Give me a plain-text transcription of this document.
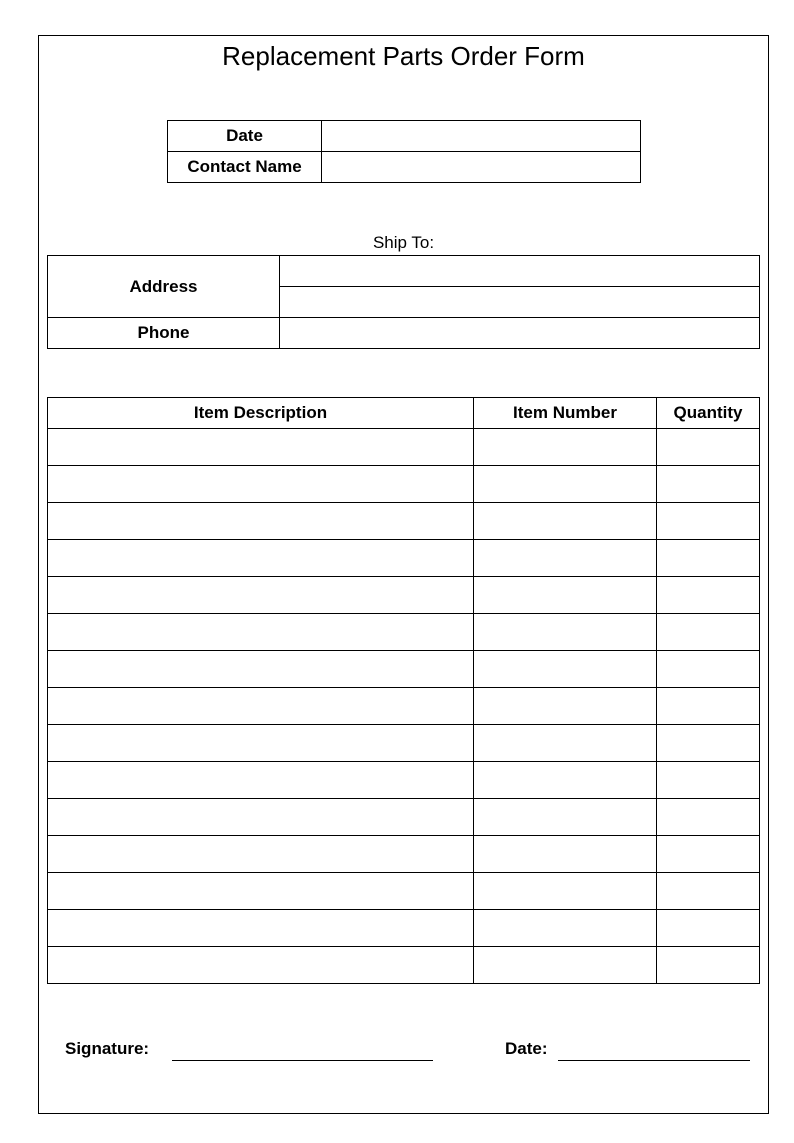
Replacement Parts Order Form
Date	
Contact Name	
Ship To:
Address	

Phone	
Item Description	Item Number	Quantity

Signature:	Date:
